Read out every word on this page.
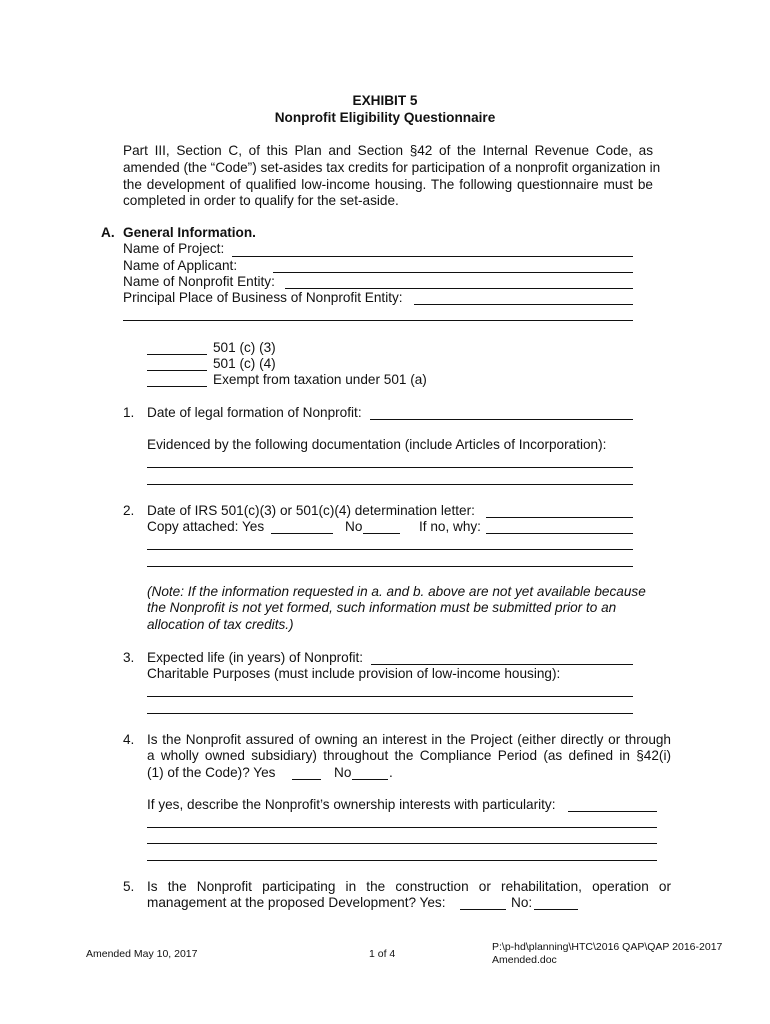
EXHIBIT 5
Nonprofit Eligibility Questionnaire
Part III, Section C, of this Plan and Section §42 of the Internal Revenue Code, as
amended (the “Code”) set-asides tax credits for participation of a nonprofit organization in
the development of qualified low-income housing. The following questionnaire must be
completed in order to qualify for the set-aside.
A. General Information.
Name of Project:
Name of Applicant:
Name of Nonprofit Entity:
Principal Place of Business of Nonprofit Entity:
501 (c) (3)
501 (c) (4)
Exempt from taxation under 501 (a)
1. Date of legal formation of Nonprofit:
Evidenced by the following documentation (include Articles of Incorporation):
2. Date of IRS 501(c)(3) or 501(c)(4) determination letter:
Copy attached: Yes	No	If no, why:
(Note: If the information requested in a. and b. above are not yet available because
the Nonprofit is not yet formed, such information must be submitted prior to an
allocation of tax credits.)
3. Expected life (in years) of Nonprofit:
Charitable Purposes (must include provision of low-income housing):
4. Is the Nonprofit assured of owning an interest in the Project (either directly or through
a wholly owned subsidiary) throughout the Compliance Period (as defined in §42(i)
(1) of the Code)? Yes	No	.
If yes, describe the Nonprofit’s ownership interests with particularity:
5. Is the Nonprofit participating in the construction or rehabilitation, operation or
management at the proposed Development? Yes:	No:
Amended May 10, 2017	1 of 4
P:\p-hd\planning\HTC\2016 QAP\QAP 2016-2017
Amended.doc
